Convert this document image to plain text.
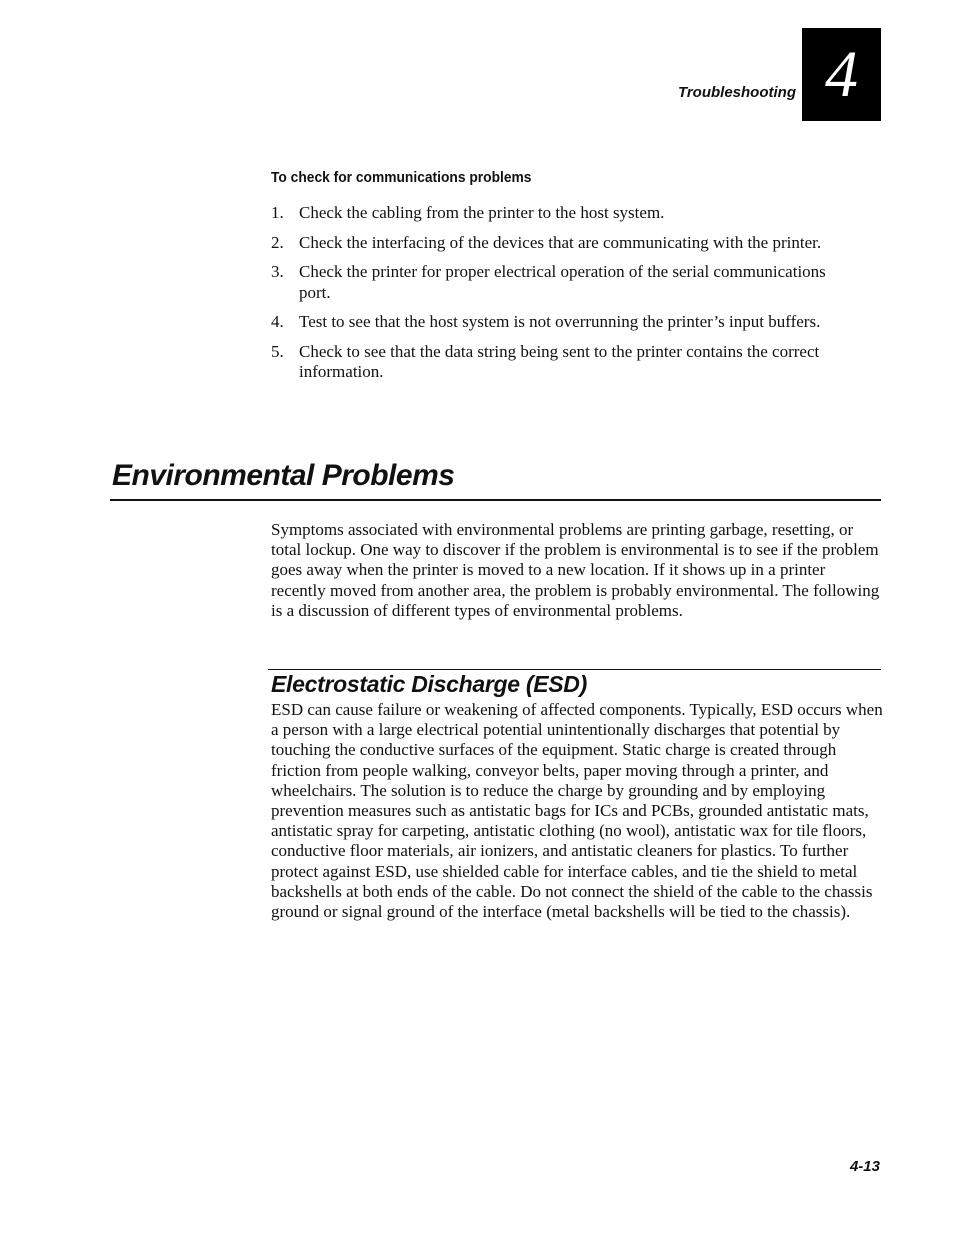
Troubleshooting 4
To check for communications problems
1. Check the cabling from the printer to the host system.
2. Check the interfacing of the devices that are communicating with the printer.
3. Check the printer for proper electrical operation of the serial communications port.
4. Test to see that the host system is not overrunning the printer’s input buffers.
5. Check to see that the data string being sent to the printer contains the correct information.
Environmental Problems

Symptoms associated with environmental problems are printing garbage, resetting, or total lockup. One way to discover if the problem is environmental is to see if the problem goes away when the printer is moved to a new location. If it shows up in a printer recently moved from another area, the problem is probably environmental. The following is a discussion of different types of environmental problems.

Electrostatic Discharge (ESD)

ESD can cause failure or weakening of affected components. Typically, ESD occurs when a person with a large electrical potential unintentionally discharges that potential by touching the conductive surfaces of the equipment. Static charge is created through friction from people walking, conveyor belts, paper moving through a printer, and wheelchairs. The solution is to reduce the charge by grounding and by employing prevention measures such as antistatic bags for ICs and PCBs, grounded antistatic mats, antistatic spray for carpeting, antistatic clothing (no wool), antistatic wax for tile floors, conductive floor materials, air ionizers, and antistatic cleaners for plastics. To further protect against ESD, use shielded cable for interface cables, and tie the shield to metal backshells at both ends of the cable. Do not connect the shield of the cable to the chassis ground or signal ground of the interface (metal backshells will be tied to the chassis).

4-13
